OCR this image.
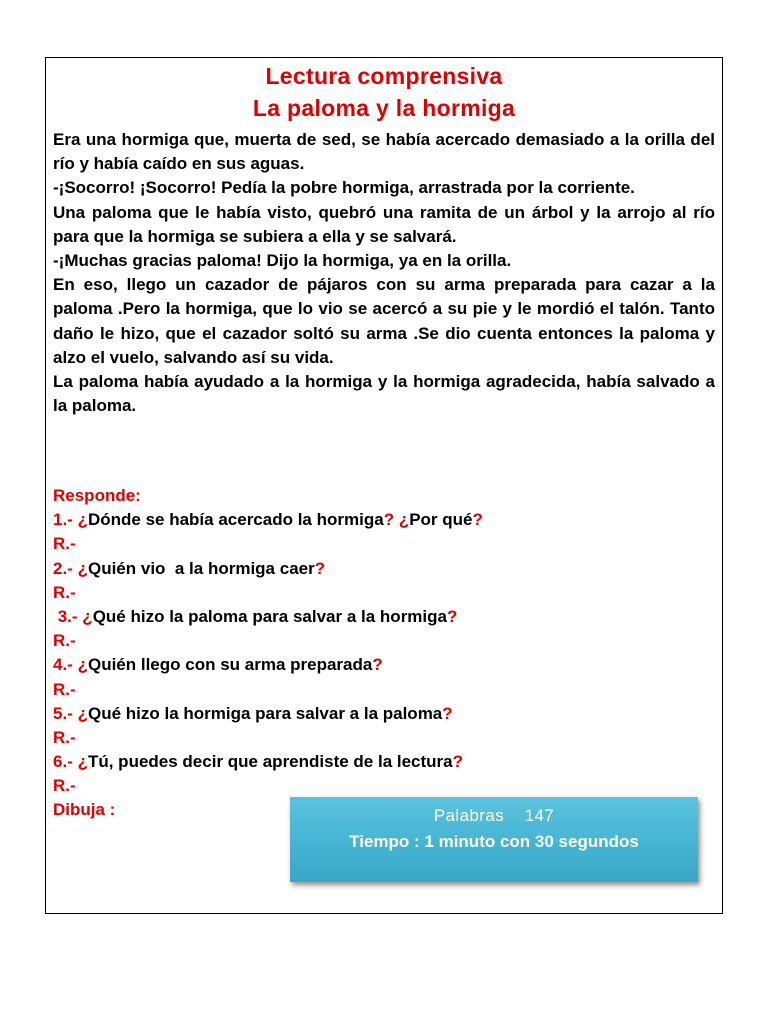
Lectura comprensiva
La paloma y la hormiga

Era una hormiga que, muerta de sed, se había acercado demasiado a la orilla del río y había caído en sus aguas.

-¡Socorro! ¡Socorro! Pedía la pobre hormiga, arrastrada por la corriente.

Una paloma que le había visto, quebró una ramita de un árbol y la arrojo al río para que la hormiga se subiera a ella y se salvará.

-¡Muchas gracias paloma! Dijo la hormiga, ya en la orilla.

En eso, llego un cazador de pájaros con su arma preparada para cazar a la paloma .Pero la hormiga, que lo vio se acercó a su pie y le mordió el talón. Tanto daño le hizo, que el cazador soltó su arma .Se dio cuenta entonces la paloma y alzo el vuelo, salvando así su vida.

La paloma había ayudado a la hormiga y la hormiga agradecida, había salvado a la paloma.

Responde:
1.- ¿Dónde se había acercado la hormiga? ¿Por qué?
R.-
2.- ¿Quién vio  a la hormiga caer?
R.-
3.- ¿Qué hizo la paloma para salvar a la hormiga?
R.-
4.- ¿Quién llego con su arma preparada?
R.-
5.- ¿Qué hizo la hormiga para salvar a la paloma?
R.-
6.- ¿Tú, puedes decir que aprendiste de la lectura?
R.-
Dibuja :	Palabras    147
Tiempo : 1 minuto con 30 segundos
